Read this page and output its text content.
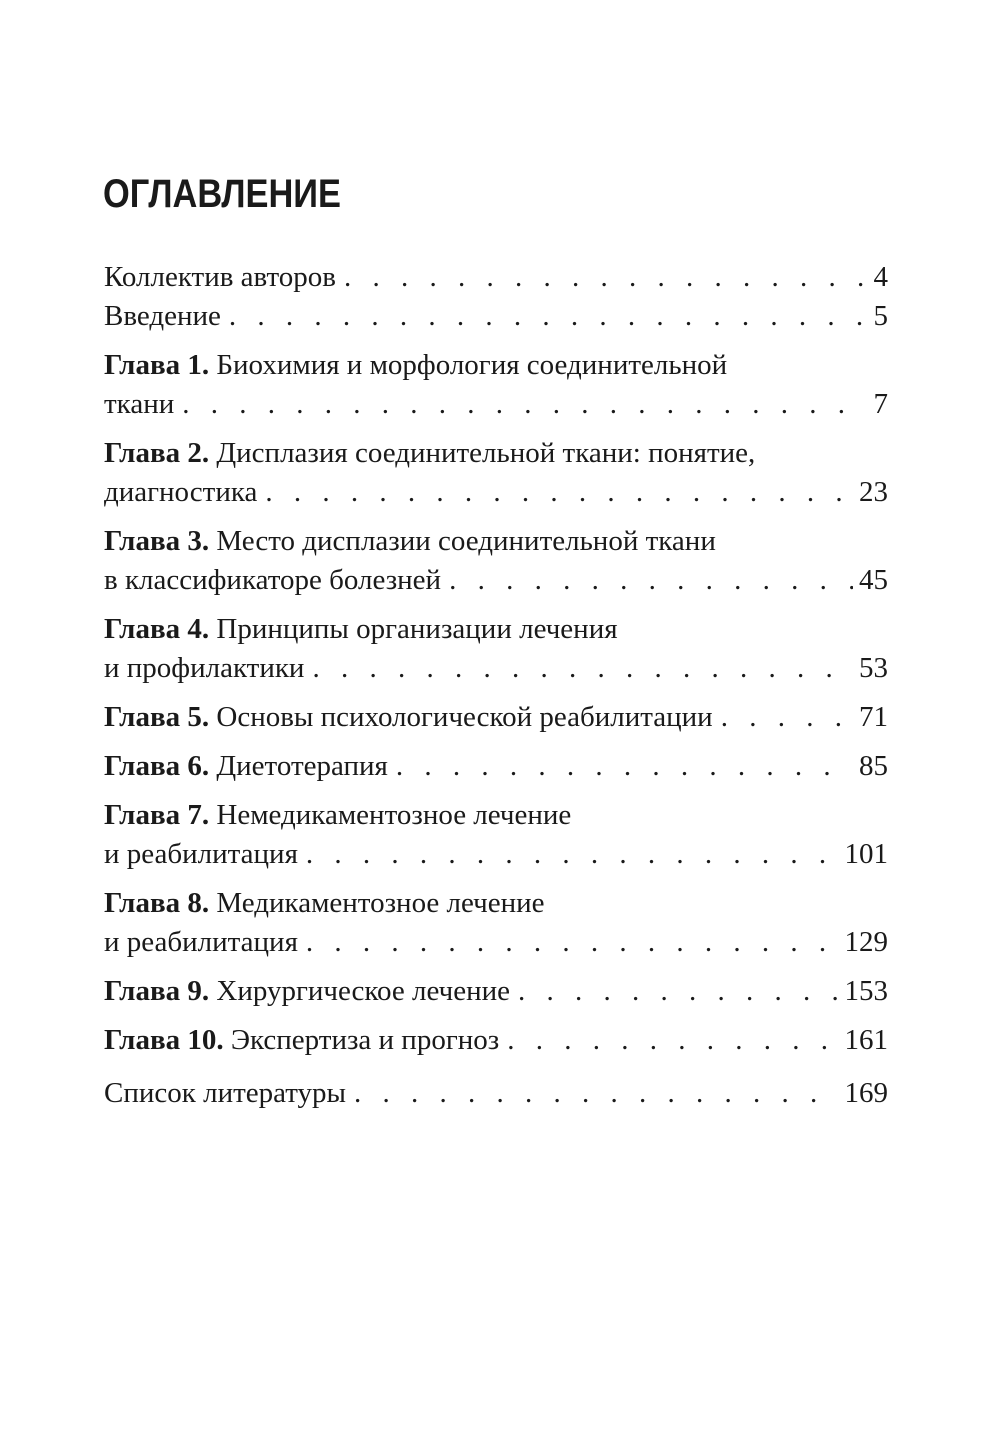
ОГЛАВЛЕНИЕ
Коллектив авторов . . .	4
Введение . . .	5
Глава 1.
Биохимия и морфология соединительной
ткани . . .	7
Глава 2.
Дисплазия соединительной ткани: понятие,
диагностика . . .	23
Глава 3.
Место дисплазии соединительной ткани
в классификаторе болезней . . .	45
Глава 4.
Принципы организации лечения
и профилактики . . .	53
Глава 5.
Основы психологической реабилитации . . .	71
Глава 6.
Диетотерапия . . .	85
Глава 7.
Немедикаментозное лечение
и реабилитация . . .	101
Глава 8.
Медикаментозное лечение
и реабилитация . . .	129
Глава 9.
Хирургическое лечение . . .	153
Глава 10.
Экспертиза и прогноз . . .	161
Список литературы . . .	169
